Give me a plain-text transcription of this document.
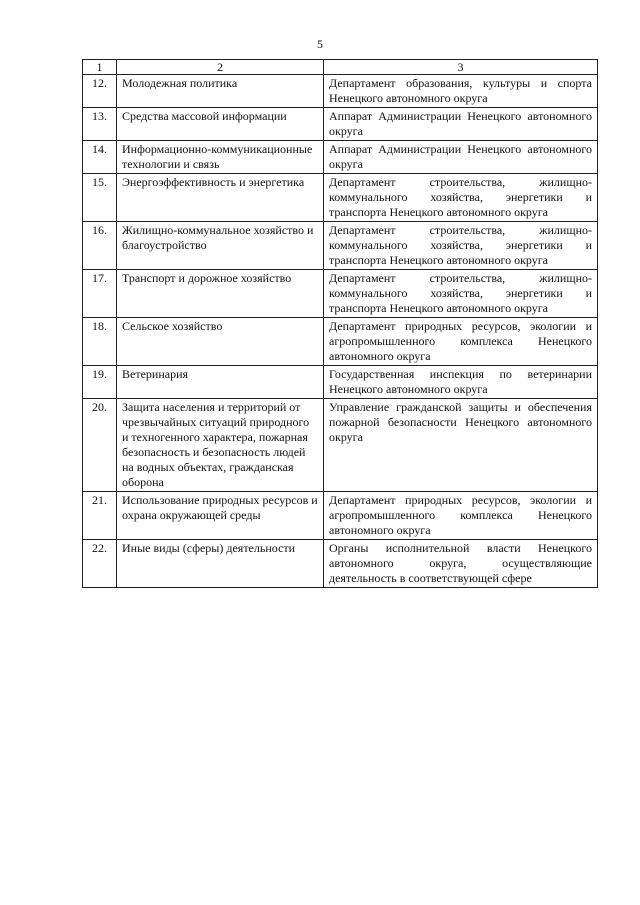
5
1	2	3
12.	Молодежная политика	Департамент образования, культуры и спорта Ненецкого автономного округа
13.	Средства массовой информации	Аппарат Администрации Ненецкого автономного округа
14.	Информационно-коммуникационные технологии и связь	Аппарат Администрации Ненецкого автономного округа
15.	Энергоэффективность и энергетика	Департамент строительства, жилищно-коммунального хозяйства, энергетики и транспорта Ненецкого автономного округа
16.	Жилищно-коммунальное хозяйство и благоустройство	Департамент строительства, жилищно-коммунального хозяйства, энергетики и транспорта Ненецкого автономного округа
17.	Транспорт и дорожное хозяйство	Департамент строительства, жилищно-коммунального хозяйства, энергетики и транспорта Ненецкого автономного округа
18.	Сельское хозяйство	Департамент природных ресурсов, экологии и агропромышленного комплекса Ненецкого автономного округа
19.	Ветеринария	Государственная инспекция по ветеринарии Ненецкого автономного округа
20.	Защита населения и территорий от чрезвычайных ситуаций природного и техногенного характера, пожарная безопасность и безопасность людей на водных объектах, гражданская оборона	Управление гражданской защиты и обеспечения пожарной безопасности Ненецкого автономного округа
21.	Использование природных ресурсов и охрана окружающей среды	Департамент природных ресурсов, экологии и агропромышленного комплекса Ненецкого автономного округа
22.	Иные виды (сферы) деятельности	Органы исполнительной власти Ненецкого автономного округа, осуществляющие деятельность в соответствующей сфере
